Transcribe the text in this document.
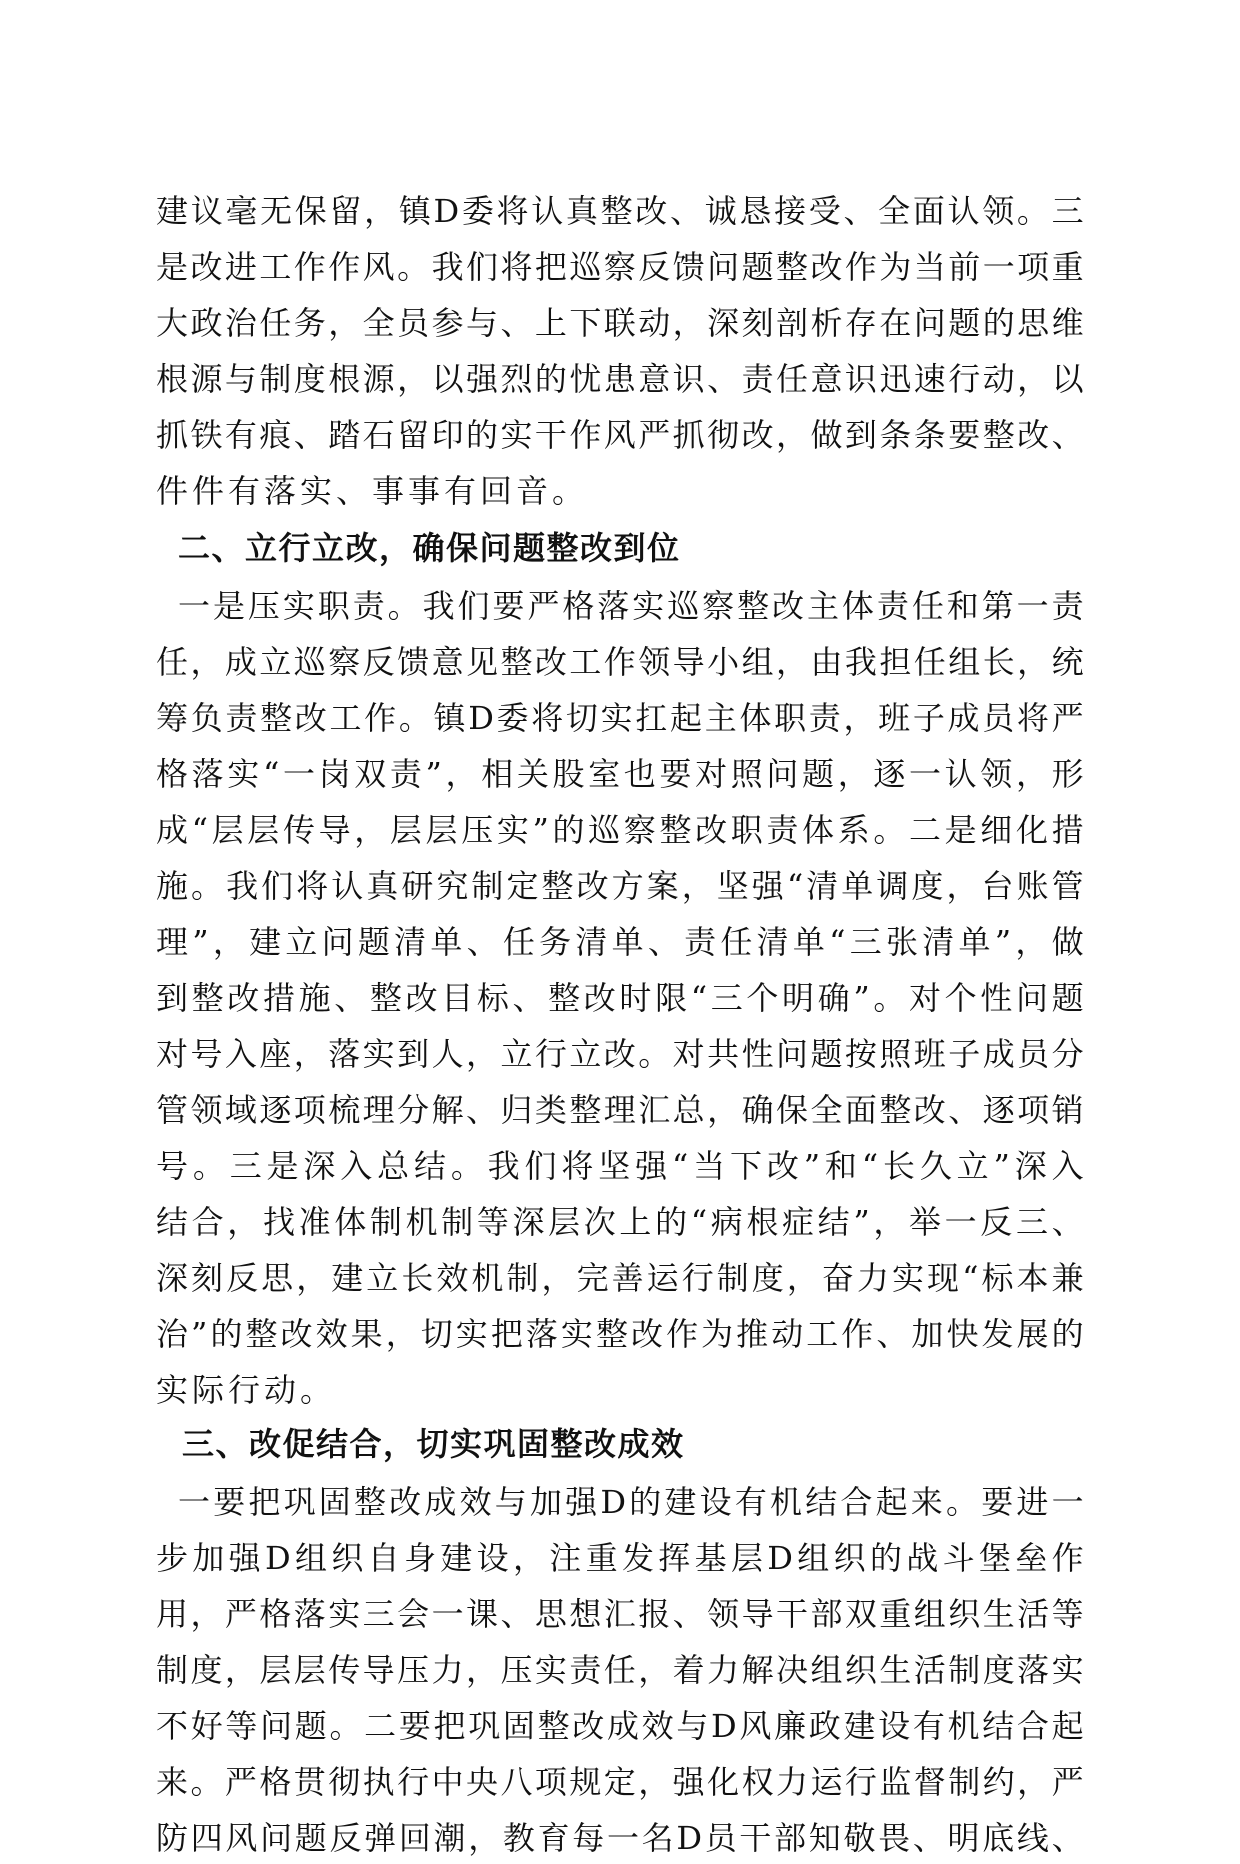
建议毫无保留，镇D委将认真整改、诚恳接受、全面认领。三
是改进工作作风。我们将把巡察反馈问题整改作为当前一项重
大政治任务，全员参与、上下联动，深刻剖析存在问题的思维
根源与制度根源，以强烈的忧患意识、责任意识迅速行动，以
抓铁有痕、踏石留印的实干作风严抓彻改，做到条条要整改、
件件有落实、事事有回音。
二、立行立改，确保问题整改到位
一是压实职责。我们要严格落实巡察整改主体责任和第一责
任，成立巡察反馈意见整改工作领导小组，由我担任组长，统
筹负责整改工作。镇D委将切实扛起主体职责，班子成员将严
格落实“一岗双责”，相关股室也要对照问题，逐一认领，形
成“层层传导，层层压实”的巡察整改职责体系。二是细化措
施。我们将认真研究制定整改方案，坚强“清单调度，台账管
理”，建立问题清单、任务清单、责任清单“三张清单”，做
到整改措施、整改目标、整改时限“三个明确”。对个性问题
对号入座，落实到人，立行立改。对共性问题按照班子成员分
管领域逐项梳理分解、归类整理汇总，确保全面整改、逐项销
号。三是深入总结。我们将坚强“当下改”和“长久立”深入
结合，找准体制机制等深层次上的“病根症结”，举一反三、
深刻反思，建立长效机制，完善运行制度，奋力实现“标本兼
治”的整改效果，切实把落实整改作为推动工作、加快发展的
实际行动。
三、改促结合，切实巩固整改成效
一要把巩固整改成效与加强D的建设有机结合起来。要进一
步加强D组织自身建设，注重发挥基层D组织的战斗堡垒作
用，严格落实三会一课、思想汇报、领导干部双重组织生活等
制度，层层传导压力，压实责任，着力解决组织生活制度落实
不好等问题。二要把巩固整改成效与D风廉政建设有机结合起
来。严格贯彻执行中央八项规定，强化权力运行监督制约，严
防四风问题反弹回潮，教育每一名D员干部知敬畏、明底线、
